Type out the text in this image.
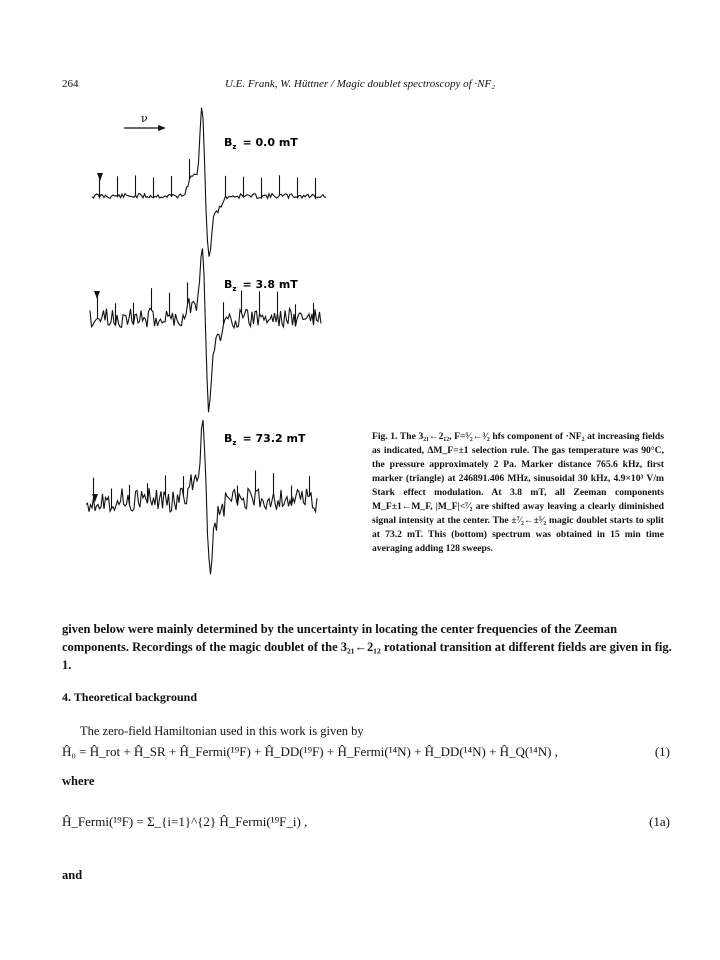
264	U.E. Frank, W. Hüttner / Magic doublet spectroscopy of ·NF₂
ν
$B_z = 0.0$ mT
$B_z = 3.8$ mT
$B_z = 73.2$ mT	Fig. 1. The 3₂₁←2₁₂, F=⁵⁄₂←³⁄₂ hfs component of ·NF₂ at increasing fields as indicated, ΔM_F=±1 selection rule. The gas temperature was 90°C, the pressure approximately 2 Pa. Marker distance 765.6 kHz, first marker (triangle) at 246891.406 MHz, sinusoidal 30 kHz, 4.9×10³ V/m Stark effect modulation. At 3.8 mT, all Zeeman components M_F±1←M_F, |M_F|<⁷⁄₂ are shifted away leaving a clearly diminished signal intensity at the center. The ±⁷⁄₂←±⁵⁄₂ magic doublet starts to split at 73.2 mT. This (bottom) spectrum was obtained in 15 min time averaging adding 128 sweeps.
given below were mainly determined by the uncertainty in locating the center frequencies of the Zeeman components. Recordings of the magic doublet of the 3₂₁←2₁₂ rotational transition at different fields are given in fig. 1.
4. Theoretical background
The zero-field Hamiltonian used in this work is given by
Ĥ₀ = Ĥ_rot + Ĥ_SR + Ĥ_Fermi(¹⁹F) + Ĥ_DD(¹⁹F) + Ĥ_Fermi(¹⁴N) + Ĥ_DD(¹⁴N) + Ĥ_Q(¹⁴N) ,	(1)
where
Ĥ_Fermi(¹⁹F) = Σ_{i=1}^{2} Ĥ_Fermi(¹⁹F_i) ,	(1a)
and
